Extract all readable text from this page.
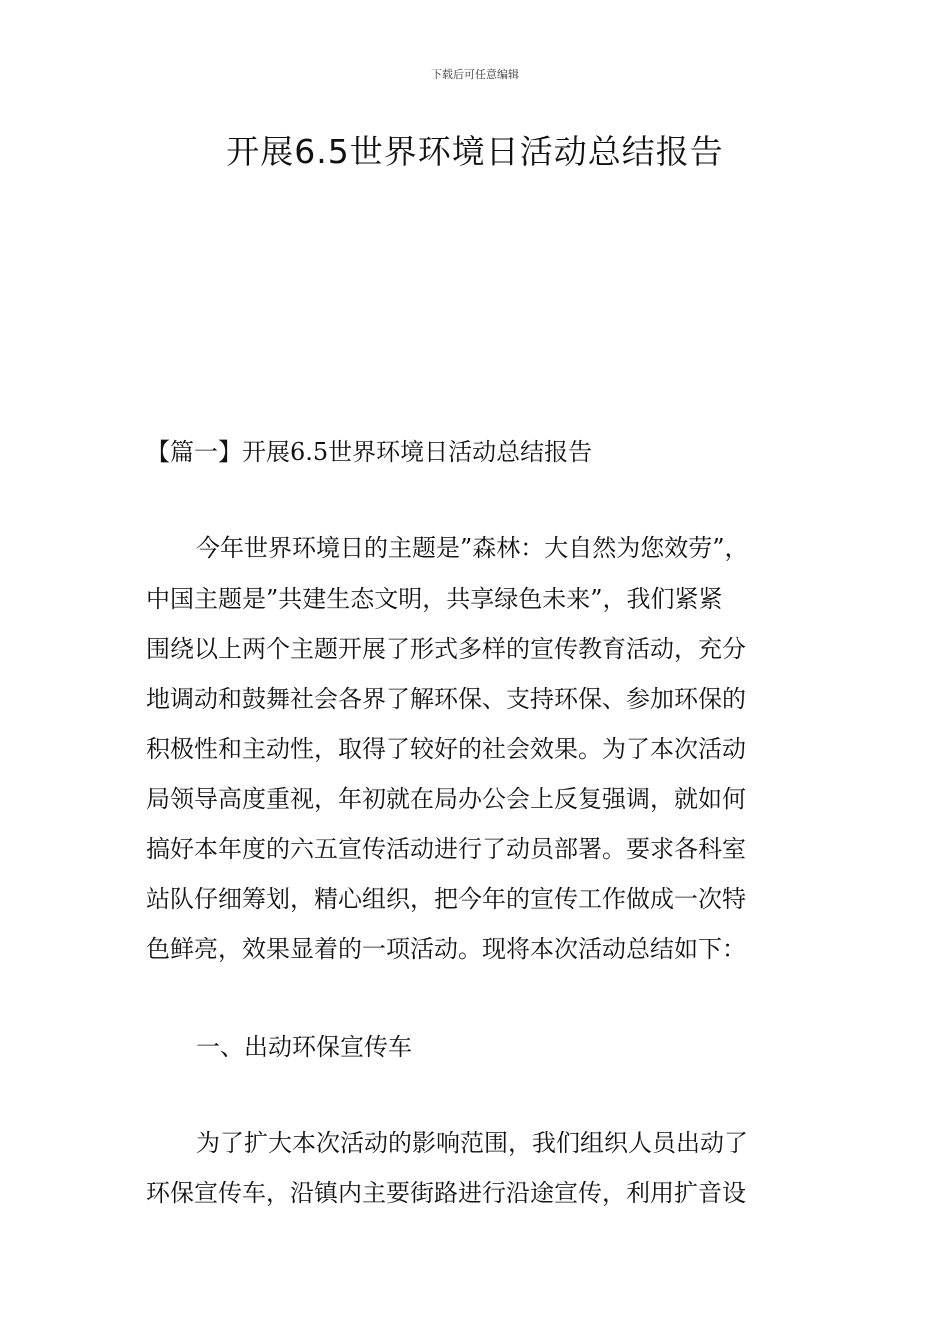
下载后可任意编辑
开展6.5世界环境日活动总结报告
【篇一】开展6.5世界环境日活动总结报告
今年世界环境日的主题是”森林：大自然为您效劳”，
中国主题是”共建生态文明，共享绿色未来”，我们紧紧
围绕以上两个主题开展了形式多样的宣传教育活动，充分
地调动和鼓舞社会各界了解环保、支持环保、参加环保的
积极性和主动性，取得了较好的社会效果。为了本次活动
局领导高度重视，年初就在局办公会上反复强调，就如何
搞好本年度的六五宣传活动进行了动员部署。要求各科室
站队仔细筹划，精心组织，把今年的宣传工作做成一次特
色鲜亮，效果显着的一项活动。现将本次活动总结如下：
一、出动环保宣传车
为了扩大本次活动的影响范围，我们组织人员出动了
环保宣传车，沿镇内主要街路进行沿途宣传，利用扩音设
